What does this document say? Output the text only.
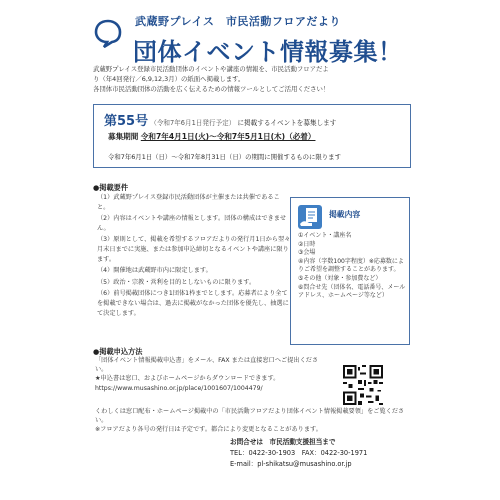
武蔵野プレイス　市民活動フロアだより
団体イベント情報募集！
武蔵野プレイス登録市民活動団体のイベントや講座の情報を、市民活動フロアだよ
り（年4回発行／6,9,12,3月）の紙面へ掲載します。
各団体市民活動団体の活動を広く伝えるための情報ツールとしてご活用ください！
第55号 （令和7年6月1日発行予定） に掲載するイベントを募集します
募集期間 令和7年4月1日(火)～令和7年5月1日(木)（必着）
令和7年6月1日（日）～令和7年8月31日（日）の期間に開催するものに限ります
●掲載要件
（1）武蔵野プレイス登録市民活動団体が主催または共催であること。
（2）内容はイベントや講座の情報とします。団体の構成はできません。
（3）原則として、掲載を希望するフロアだよりの発行月1日から翌々月末日までに実施、または参加申込締切となるイベントや講座に限ります。
（4）開催地は武蔵野市内に限定します。
（5）政治・宗教・営利を目的としないものに限ります。
（6）前号掲載団体につき1団体1枠までとします。応募者により全てを掲載できない場合は、過去に掲載がなかった団体を優先し、抽選にて決定します。
掲載内容
①イベント・講座名
②日時
③会場
④内容（字数100字程度）※応募数によりご希望を調整することがあります。
⑤その他（対象・参加費など）
⑥問合せ先（団体名、電話番号、メールアドレス、ホームページ等など）
●掲載申込方法
「団体イベント情報掲載申込書」をメール、FAX または直接窓口へご提出ください。
★申込書は窓口、およびホームページからダウンロードできます。
https://www.musashino.or.jp/place/1001607/1004479/
くわしくは窓口配布・ホームページ掲載中の「市民活動フロアだより団体イベント情報掲載要領」をご覧ください。
※フロアだより各号の発行日は予定です。都合により変更となることがあります。
お問合せは　市民活動支援担当まで
TEL：0422-30-1903　FAX：0422-30-1971
E-mail：pl-shikatsu@musashino.or.jp
